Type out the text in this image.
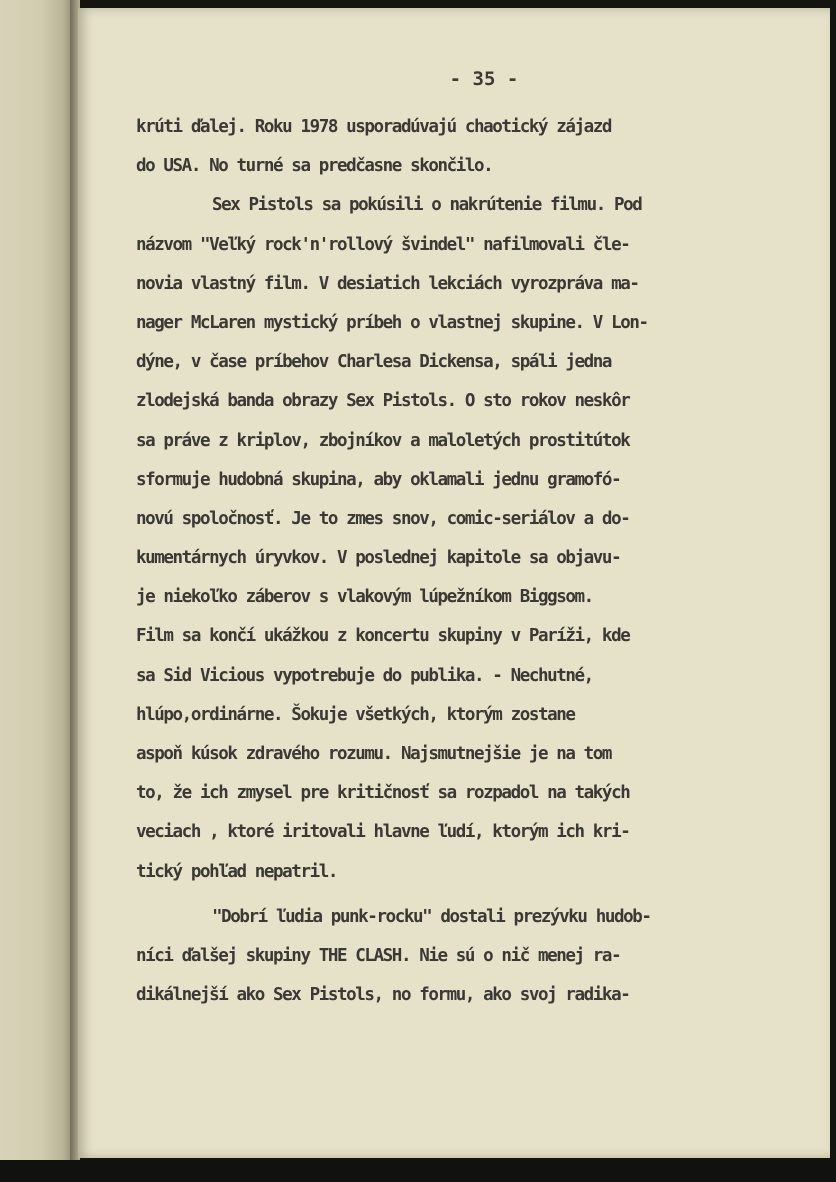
- 35 -
krúti ďalej. Roku 1978 usporadúvajú chaotický zájazd
do USA. No turné sa predčasne skončilo.
Sex Pistols sa pokúsili o nakrútenie filmu. Pod
názvom "Veľký rock'n'rollový švindel" nafilmovali čle-
novia vlastný film. V desiatich lekciách vyrozpráva ma-
nager McLaren mystický príbeh o vlastnej skupine. V Lon-
dýne, v čase príbehov Charlesa Dickensa, spáli jedna
zlodejská banda obrazy Sex Pistols. O sto rokov neskôr
sa práve z kriplov, zbojníkov a maloletých prostitútok
sformuje hudobná skupina, aby oklamali jednu gramofó-
novú spoločnosť. Je to zmes snov, comic-seriálov a do-
kumentárnych úryvkov. V poslednej kapitole sa objavu-
je niekoľko záberov s vlakovým lúpežníkom Biggsom.
Film sa končí ukážkou z koncertu skupiny v Paríži, kde
sa Sid Vicious vypotrebuje do publika. - Nechutné,
hlúpo,ordinárne. Šokuje všetkých, ktorým zostane
aspoň kúsok zdravého rozumu. Najsmutnejšie je na tom
to, že ich zmysel pre kritičnosť sa rozpadol na takých
veciach , ktoré iritovali hlavne ľudí, ktorým ich kri-
tický pohľad nepatril.
"Dobrí ľudia punk-rocku" dostali prezývku hudob-
níci ďalšej skupiny THE CLASH. Nie sú o nič menej ra-
dikálnejší ako Sex Pistols, no formu, ako svoj radika-
